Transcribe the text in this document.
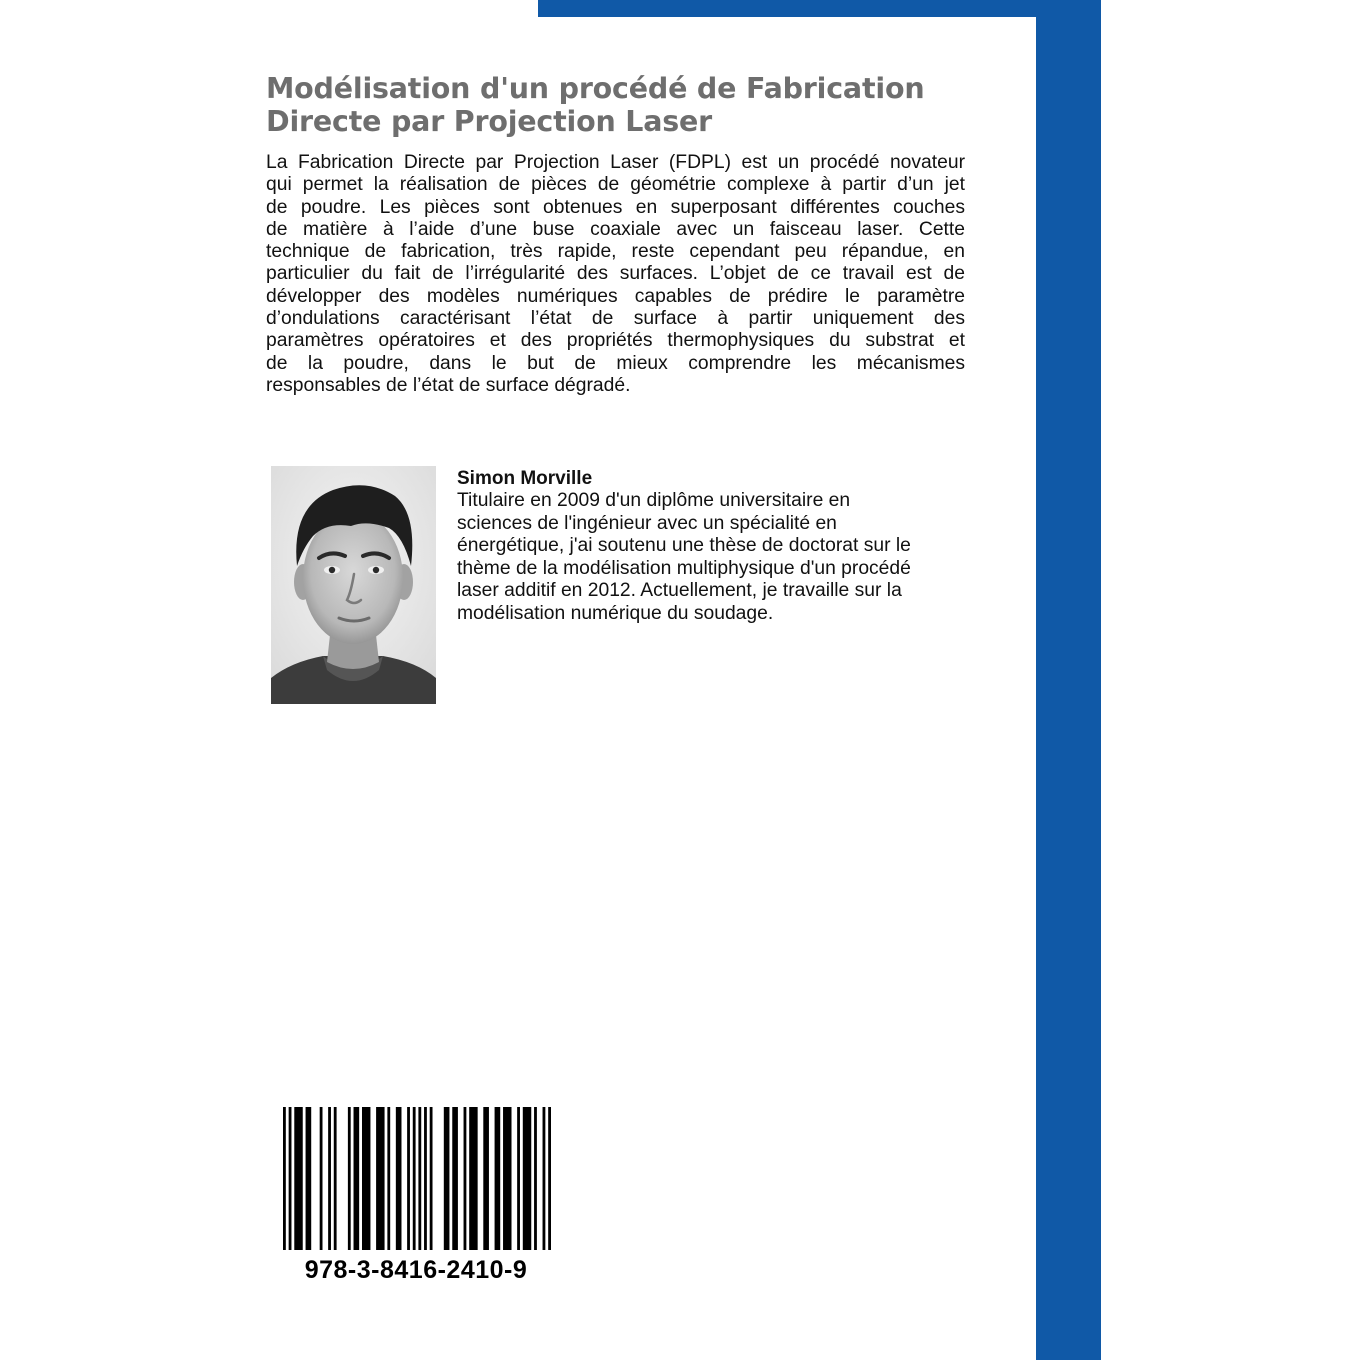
Modélisation d'un procédé de Fabrication
Directe par Projection Laser

La Fabrication Directe par Projection Laser (FDPL) est un procédé novateur
qui permet la réalisation de pièces de géométrie complexe à partir d’un jet
de poudre. Les pièces sont obtenues en superposant différentes couches
de matière à l’aide d’une buse coaxiale avec un faisceau laser. Cette
technique de fabrication, très rapide, reste cependant peu répandue, en
particulier du fait de l’irrégularité des surfaces. L’objet de ce travail est de
développer des modèles numériques capables de prédire le paramètre
d’ondulations caractérisant l’état de surface à partir uniquement des
paramètres opératoires et des propriétés thermophysiques du substrat et
de la poudre, dans le but de mieux comprendre les mécanismes
responsables de l’état de surface dégradé.

Simon Morville

Titulaire en 2009 d'un diplôme universitaire en
sciences de l'ingénieur avec un spécialité en
énergétique, j'ai soutenu une thèse de doctorat sur le
thème de la modélisation multiphysique d'un procédé
laser additif en 2012. Actuellement, je travaille sur la
modélisation numérique du soudage.

978-3-8416-2410-9
